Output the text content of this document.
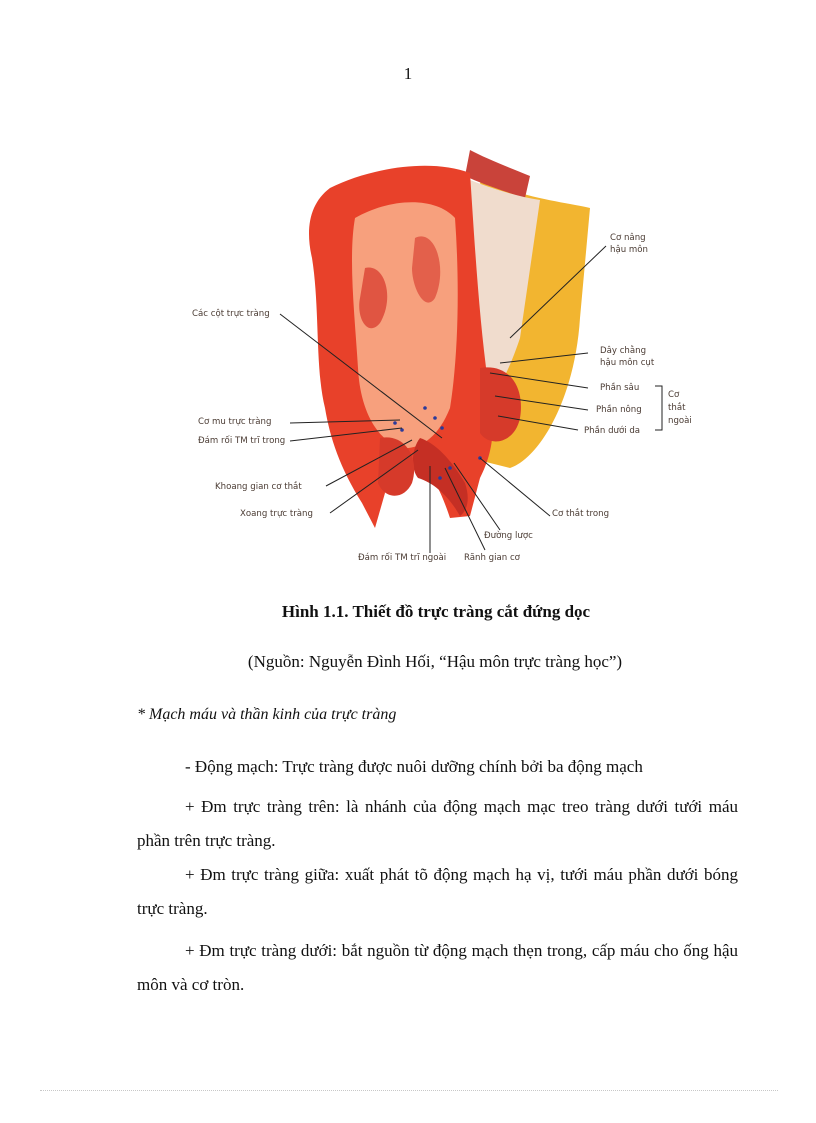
1
Cơ nâng
hậu môn
Các cột trực tràng
Dây chằng
hậu môn cụt
Phần sâu
Phần nông
Phần dưới da
Cơ
thắt
ngoài
Cơ mu trực tràng
Đám rối TM trĩ trong
Khoang gian cơ thắt
Xoang trực tràng	Cơ thắt trong
Đường lược
Đám rối TM trĩ ngoài Rãnh gian cơ
Hình 1.1. Thiết đồ trực tràng cắt đứng dọc
(Nguồn: Nguyễn Đình Hối, “Hậu môn trực tràng học”)
* Mạch máu và thần kinh của trực tràng
- Động mạch: Trực tràng được nuôi dưỡng chính bởi ba động mạch
+ Đm trực tràng trên: là nhánh của động mạch mạc treo tràng dưới tưới máu phần trên trực tràng.
+ Đm trực tràng giữa: xuất phát tõ động mạch hạ vị, tưới máu phần dưới bóng trực tràng.
+ Đm trực tràng dưới: bắt nguồn từ động mạch thẹn trong, cấp máu cho ống hậu môn và cơ tròn.
